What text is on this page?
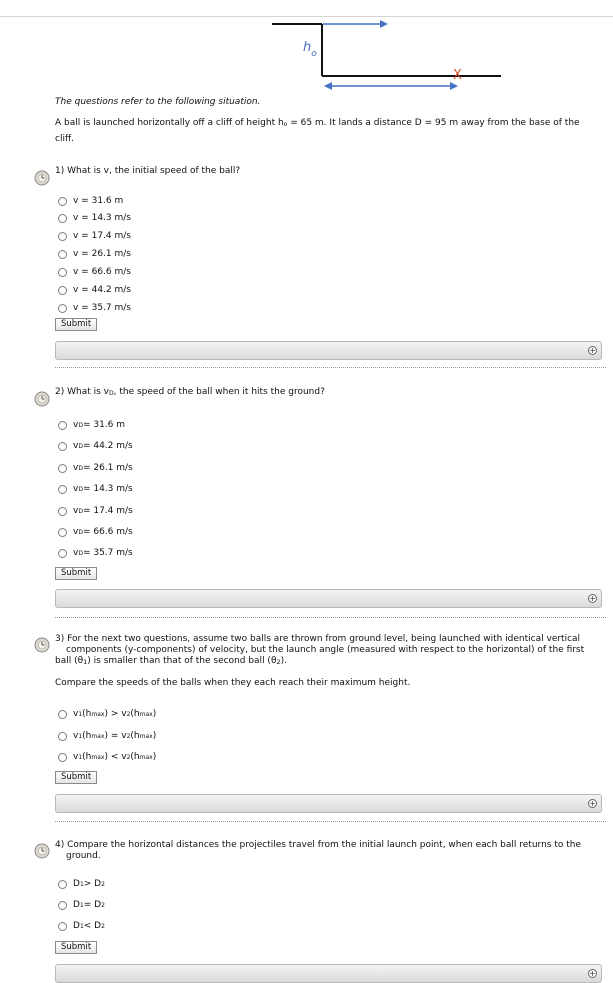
$h_o$
X
The questions refer to the following situation.
A ball is launched horizontally off a cliff of height $h_o = 65$ m. It lands a distance D = 95 m away from the base of the cliff.
1) What is v, the initial speed of the ball?
v = 31.6 m
v = 14.3 m/s
v = 17.4 m/s
v = 26.1 m/s
v = 66.6 m/s
v = 44.2 m/s
v = 35.7 m/s
Submit
+
2) What is $v_D$, the speed of the ball when it hits the ground?
v D = 31.6 m
v D = 44.2 m/s
v D = 26.1 m/s
v D = 14.3 m/s
v D = 17.4 m/s
v D = 66.6 m/s
v D = 35.7 m/s
Submit
+
3) For the next two questions, assume two balls are thrown from ground level, being launched with identical vertical
components (y-components) of velocity, but the launch angle (measured with respect to the horizontal) of the first
ball $(\theta_1)$ is smaller than that of the second ball $(\theta_2)$.
Compare the speeds of the balls when they each reach their maximum height.
v 1 (h max ) > v 2 (h max )
v 1 (h max ) = v 2 (h max )
v 1 (h max ) < v 2 (h max )
Submit
+
4) Compare the horizontal distances the projectiles travel from the initial launch point, when each ball returns to the
ground.
D 1 > D 2
D 1 = D 2
D 1 < D 2
Submit
+
